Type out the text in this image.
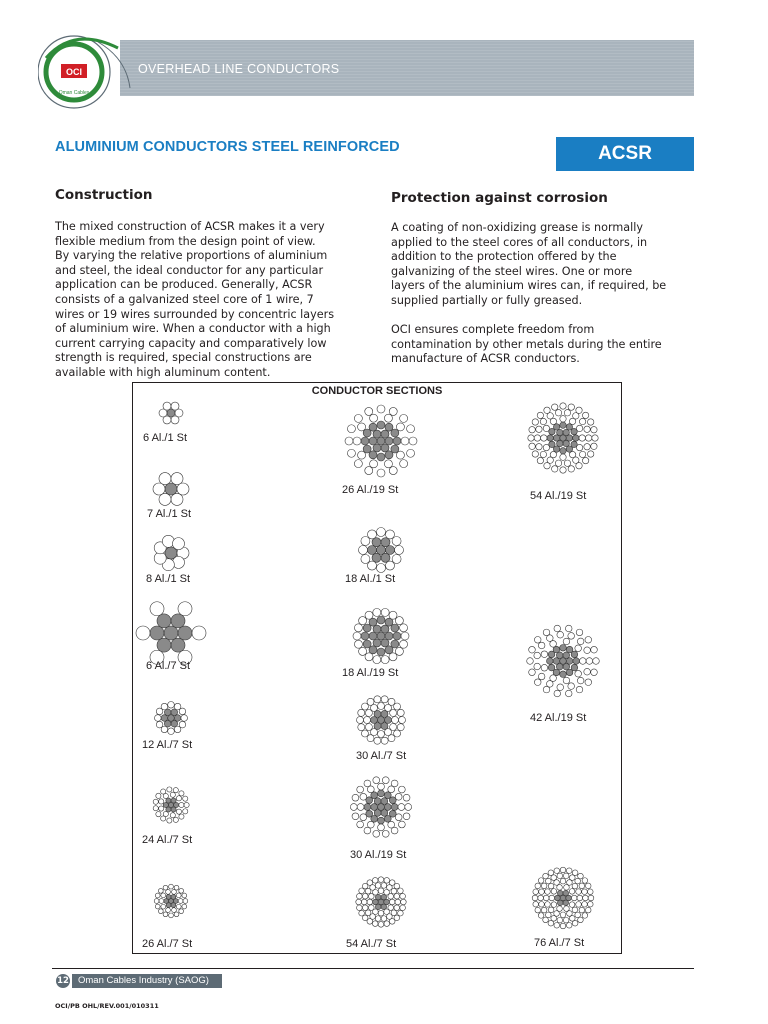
OVERHEAD LINE CONDUCTORS
OCI
Oman Cables
ALUMINIUM CONDUCTORS STEEL REINFORCED	ACSR
Construction
The mixed construction of ACSR makes it a very
flexible medium from the design point of view.
By varying the relative proportions of aluminium
and steel, the ideal conductor for any particular
application can be produced. Generally, ACSR
consists of a galvanized steel core of 1 wire, 7
wires or 19 wires surrounded by concentric layers
of aluminium wire. When a conductor with a high
current carrying capacity and comparatively low
strength is required, special constructions are
available with high aluminum content.
Protection against corrosion
A coating of non-oxidizing grease is normally
applied to the steel cores of all conductors, in
addition to the protection offered by the
galvanizing of the steel wires. One or more
layers of the aluminium wires can, if required, be
supplied partially or fully greased.
OCI ensures complete freedom from
contamination by other metals during the entire
manufacture of ACSR conductors.
CONDUCTOR SECTIONS
6 Al./1 St
7 Al./1 St
8 Al./1 St
6 Al./7 St
12 Al./7 St
24 Al./7 St
26 Al./7 St
26 Al./19 St
18 Al./1 St
18 Al./19 St
30 Al./7 St
30 Al./19 St
54 Al./7 St
54 Al./19 St
42 Al./19 St
76 Al./7 St
12 Oman Cables Industry (SAOG)
OCI/PB OHL/REV.001/010311
